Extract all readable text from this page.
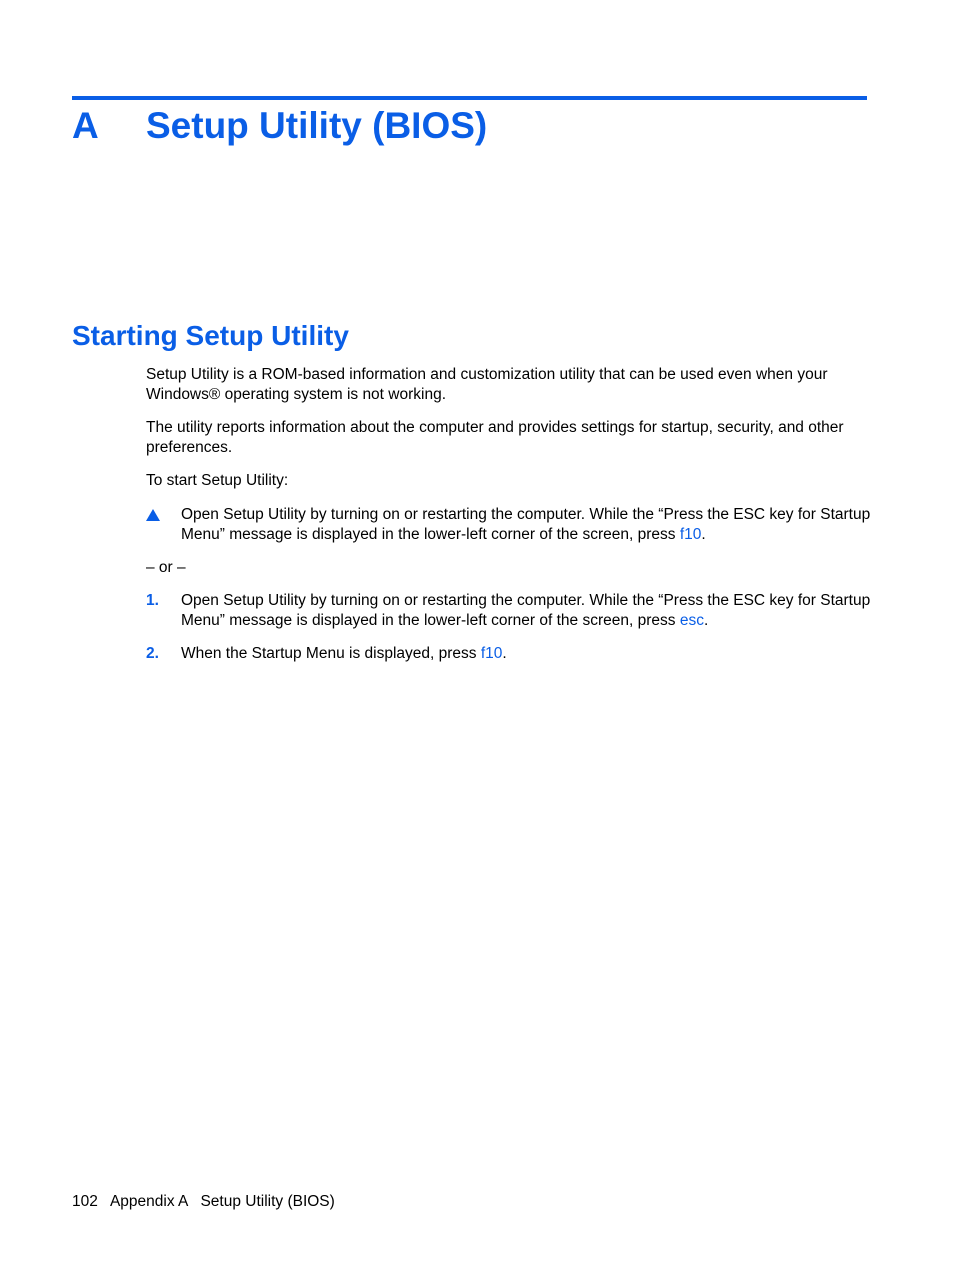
A Setup Utility (BIOS)
Starting Setup Utility
Setup Utility is a ROM-based information and customization utility that can be used even when your Windows® operating system is not working.
The utility reports information about the computer and provides settings for startup, security, and other preferences.
To start Setup Utility:
Open Setup Utility by turning on or restarting the computer. While the “Press the ESC key for Startup Menu” message is displayed in the lower-left corner of the screen, press f10.
– or –
1. Open Setup Utility by turning on or restarting the computer. While the “Press the ESC key for Startup Menu” message is displayed in the lower-left corner of the screen, press esc.
2. When the Startup Menu is displayed, press f10.
102 Appendix A   Setup Utility (BIOS)
